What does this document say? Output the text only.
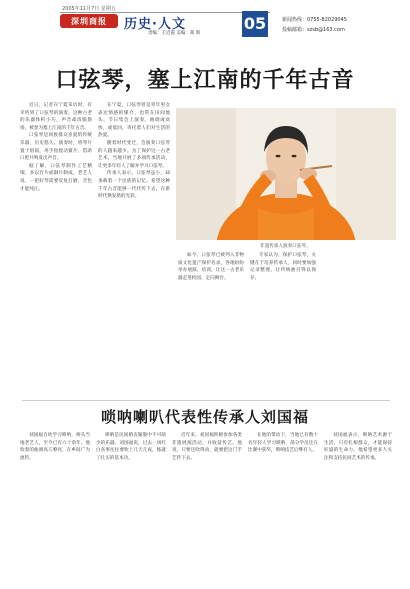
2005年11月7日 星期五
深圳商报	历史·人文
责编：王近霞 美编：郑 辉
05	新闻热线：0755-82029045
投稿邮箱：szsb@163.com
口弦琴，塞上江南的千年古音

近日，记者在宁夏采访时，有幸听到了口弦琴的演奏。这种古老的乐器体积小巧，声音却清脆悠扬，被誉为塞上江南的千年古音。

口弦琴是回族群众喜爱的传统乐器，历史悠久。演奏时，将琴片置于唇间，用手指拨动簧片，借助口腔共鸣发出声音。

据了解，口弦琴制作工艺精细，多以竹片或铜片制成。老艺人说，一把好琴需要反复打磨，音色才能纯正。

在宁夏，口弦琴曾是青年男女表达情感的媒介，也常在田间地头、节日集会上演奏。曲调或欢快，或低回，寄托着人们对生活的热爱。

随着时代变迁，会演奏口弦琴的人越来越少。为了保护这一古老艺术，当地开展了多项传承活动，让更多年轻人了解并学习口弦琴。

传承人表示，口弦琴虽小，却承载着一个民族的记忆。希望这种千年古音能够一代代传下去，在新时代焕发新的光彩。

非遗传承人演奏口弦琴。

如今，口弦琴已被列入非物质文化遗产保护名录，各地纷纷举办展演、培训，让这一古老乐器走进校园、走向舞台。

专家认为，保护口弦琴，关键在于培养传承人，同时要加强记录整理，让传统曲目得以保存。

唢呐喇叭代表性传承人刘国福

刘国福自幼学习唢呐，师从当地老艺人，至今已有六十余年。他吹奏的曲调高亢嘹亮，在乡间广为流传。

唢呐是民间婚丧嫁娶中不可缺少的乐器。刘国福说，过去一场红白喜事往往要吹上几天几夜，练就了扎实的基本功。

近年来，刘国福积极参加各类非遗展演活动，并收徒传艺。他说，只要还吹得动，就要把这门手艺传下去。

在他的带动下，当地已有数十名年轻人学习唢呐，部分学员还在比赛中获奖，唢呐技艺后继有人。

刘国福表示，唢呐艺术源于生活，只有扎根群众，才能保持旺盛的生命力。他希望更多人关注和支持民间艺术的传承。
